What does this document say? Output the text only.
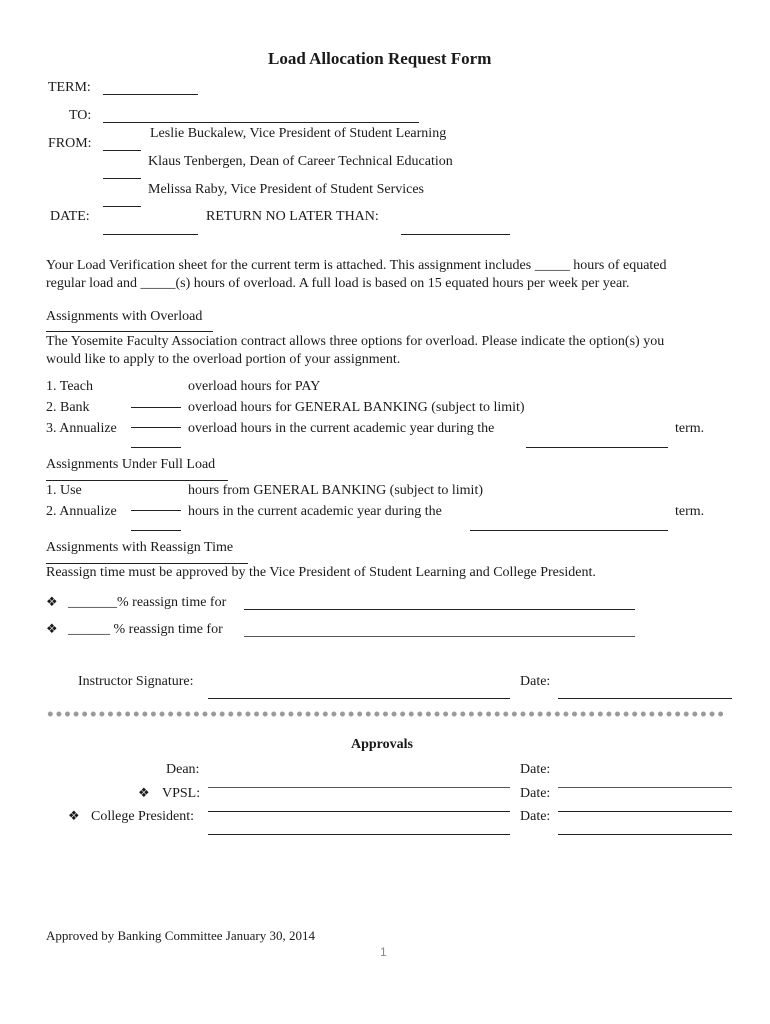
Load Allocation Request Form
TERM:
TO:
FROM:
Leslie Buckalew, Vice President of Student Learning
Klaus Tenbergen, Dean of Career Technical Education
Melissa Raby, Vice President of Student Services
DATE:	RETURN NO LATER THAN:
Your Load Verification sheet for the current term is attached. This assignment includes _____ hours of equated
regular load and _____(s) hours of overload. A full load is based on 15 equated hours per week per year.
Assignments with Overload
The Yosemite Faculty Association contract allows three options for overload. Please indicate the option(s) you
would like to apply to the overload portion of your assignment.
1. Teach	overload hours for PAY
2. Bank	overload hours for GENERAL BANKING (subject to limit)
3. Annualize	overload hours in the current academic year during the	term.
Assignments Under Full Load
1. Use	hours from GENERAL BANKING (subject to limit)
2. Annualize	hours in the current academic year during the	term.
Assignments with Reassign Time
Reassign time must be approved by the Vice President of Student Learning and College President.
❖ _______% reassign time for
❖ ______ % reassign time for
Instructor Signature:	Date:
Approvals
Dean:	Date:
❖ VPSL:	Date:
❖ College President:	Date:
Approved by Banking Committee January 30, 2014
1
